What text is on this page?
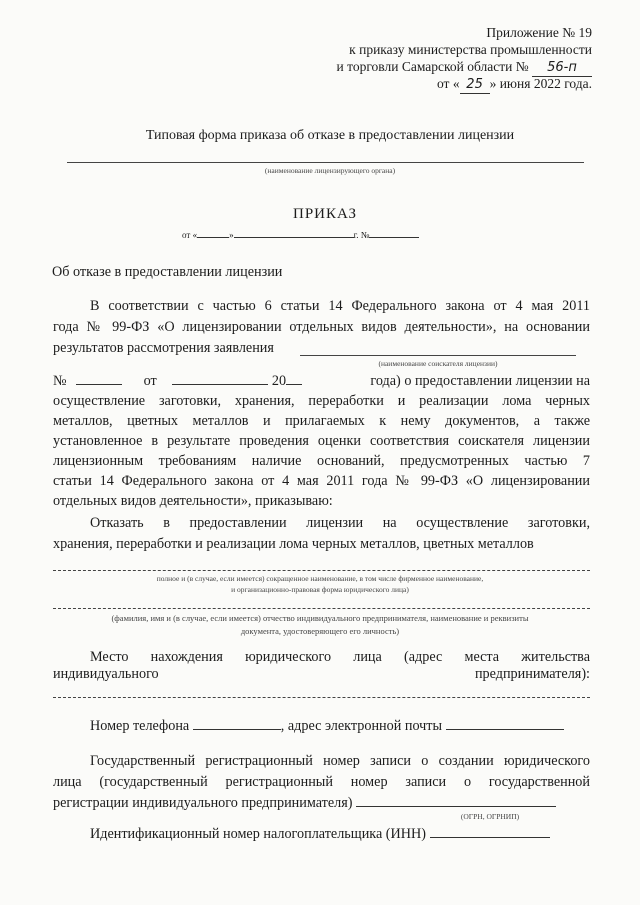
Приложение № 19
к приказу министерства промышленности
и торговли Самарской области № 56-п
от « 25 » июня 2022 года.
Типовая форма приказа об отказе в предоставлении лицензии
(наименование лицензирующего органа)
ПРИКАЗ
от «	»	г. №
Об отказе в предоставлении лицензии
В соответствии с частью 6 статьи 14 Федерального закона от 4 мая 2011
года № 99-ФЗ «О лицензировании отдельных видов деятельности», на основании
результатов рассмотрения заявления
(наименование соискателя лицензии)
№	от	20	года) о предоставлении лицензии на
осуществление заготовки, хранения, переработки и реализации лома черных
металлов, цветных металлов и прилагаемых к нему документов, а также
установленное в результате проведения оценки соответствия соискателя лицензии
лицензионным требованиям наличие оснований, предусмотренных частью 7
статьи 14 Федерального закона от 4 мая 2011 года № 99-ФЗ «О лицензировании
отдельных видов деятельности», приказываю:
Отказать в предоставлении лицензии на осуществление заготовки,
хранения, переработки и реализации лома черных металлов, цветных металлов
полное и (в случае, если имеется) сокращенное наименование, в том числе фирменное наименование,
и организационно-правовая форма юридического лица)
(фамилия, имя и (в случае, если имеется) отчество индивидуального предпринимателя, наименование и реквизиты
документа, удостоверяющего его личность)
Место нахождения юридического лица (адрес места жительства
индивидуального	предпринимателя):
Номер телефона	, адрес электронной почты
Государственный регистрационный номер записи о создании юридического
лица (государственный регистрационный номер записи о государственной
регистрации индивидуального предпринимателя)
(ОГРН, ОГРНИП)
Идентификационный номер налогоплательщика (ИНН)
